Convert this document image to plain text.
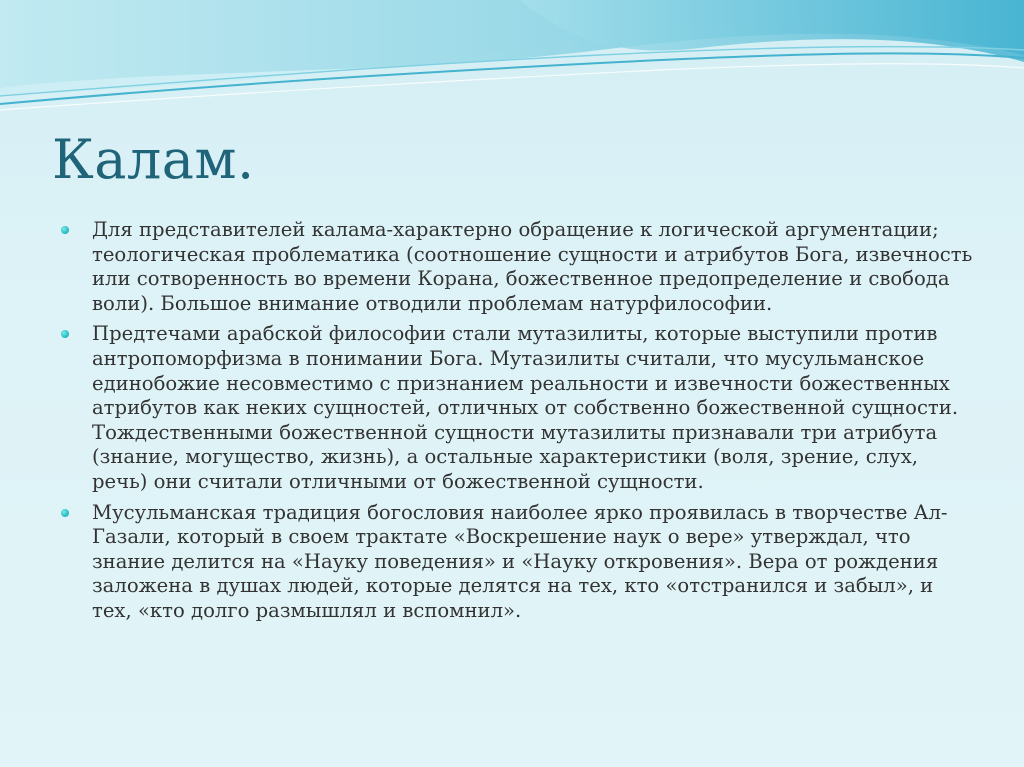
Калам.
Для представителей калама-характерно обращение к логической аргументации; теологическая проблематика (соотношение сущности и атрибутов Бога, извечность или сотворенность во времени Корана, божественное предопределение и свобода воли). Большое внимание отводили проблемам натурфилософии.
Предтечами арабской философии стали мутазилиты, которые выступили против антропоморфизма в понимании Бога. Мутазилиты считали, что мусульманское единобожие несовместимо с признанием реальности и извечности божественных атрибутов как неких сущностей, отличных от собственно божественной сущности. Тождественными божественной сущности мутазилиты признавали три атрибута (знание, могущество, жизнь), а остальные характеристики (воля, зрение, слух, речь) они считали отличными от божественной сущности.
Мусульманская традиция богословия наиболее ярко проявилась в творчестве Ал-Газали, который в своем трактате «Воскрешение наук о вере» утверждал, что знание делится на «Науку поведения» и «Науку откровения». Вера от рождения заложена в душах людей, которые делятся на тех, кто «отстранился и забыл», и тех, «кто долго размышлял и вспомнил».
